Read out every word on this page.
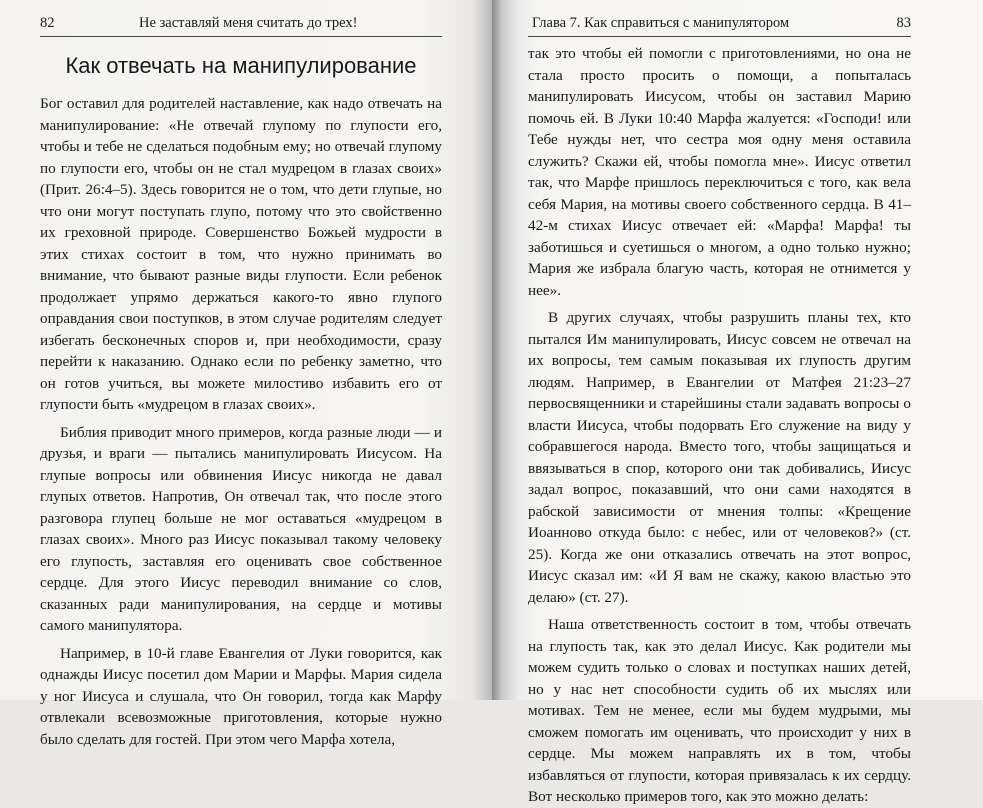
82	Не заставляй меня считать до трех!
Как отвечать на манипулирование

Бог оставил для родителей наставление, как надо отвечать на манипулирование: «Не отвечай глупому по глупости его, чтобы и тебе не сделаться подобным ему; но отвечай глупому по глупости его, чтобы он не стал мудрецом в глазах своих» (Прит. 26:4–5). Здесь говорится не о том, что дети глупые, но что они могут поступать глупо, потому что это свойственно их греховной природе. Совершенство Божьей мудрости в этих стихах состоит в том, что нужно принимать во внимание, что бывают разные виды глупости. Если ребенок продолжает упрямо держаться какого-то явно глупого оправдания свои поступков, в этом случае родителям следует избегать бесконечных споров и, при необходимости, сразу перейти к наказанию. Однако если по ребенку заметно, что он готов учиться, вы можете милостиво избавить его от глупости быть «мудрецом в глазах своих».

Библия приводит много примеров, когда разные люди — и друзья, и враги — пытались манипулировать Иисусом. На глупые вопросы или обвинения Иисус никогда не давал глупых ответов. Напротив, Он отвечал так, что после этого разговора глупец больше не мог оставаться «мудрецом в глазах своих». Много раз Иисус показывал такому человеку его глупость, заставляя его оценивать свое собственное сердце. Для этого Иисус переводил внимание со слов, сказанных ради манипулирования, на сердце и мотивы самого манипулятора.

Например, в 10-й главе Евангелия от Луки говорится, как однажды Иисус посетил дом Марии и Марфы. Мария сидела у ног Иисуса и слушала, что Он говорил, тогда как Марфу отвлекали всевозможные приготовления, которые нужно было сделать для гостей. При этом чего Марфа хотела,

Глава 7. Как справиться с манипулятором	83

так это чтобы ей помогли с приготовлениями, но она не стала просто просить о помощи, а попыталась манипулировать Иисусом, чтобы он заставил Марию помочь ей. В Луки 10:40 Марфа жалуется: «Господи! или Тебе нужды нет, что сестра моя одну меня оставила служить? Скажи ей, чтобы помогла мне». Иисус ответил так, что Марфе пришлось переключиться с того, как вела себя Мария, на мотивы своего собственного сердца. В 41–42-м стихах Иисус отвечает ей: «Марфа! Марфа! ты заботишься и суетишься о многом, а одно только нужно; Мария же избрала благую часть, которая не отнимется у нее».

В других случаях, чтобы разрушить планы тех, кто пытался Им манипулировать, Иисус совсем не отвечал на их вопросы, тем самым показывая их глупость другим людям. Например, в Евангелии от Матфея 21:23–27 первосвященники и старейшины стали задавать вопросы о власти Иисуса, чтобы подорвать Его служение на виду у собравшегося народа. Вместо того, чтобы защищаться и ввязываться в спор, которого они так добивались, Иисус задал вопрос, показавший, что они сами находятся в рабской зависимости от мнения толпы: «Крещение Иоанново откуда было: с небес, или от человеков?» (ст. 25). Когда же они отказались отвечать на этот вопрос, Иисус сказал им: «И Я вам не скажу, какою властью это делаю» (ст. 27).

Наша ответственность состоит в том, чтобы отвечать на глупость так, как это делал Иисус. Как родители мы можем судить только о словах и поступках наших детей, но у нас нет способности судить об их мыслях или мотивах. Тем не менее, если мы будем мудрыми, мы сможем помогать им оценивать, что происходит у них в сердце. Мы можем направлять их в том, чтобы избавляться от глупости, которая привязалась к их сердцу. Вот несколько примеров того, как это можно делать:
